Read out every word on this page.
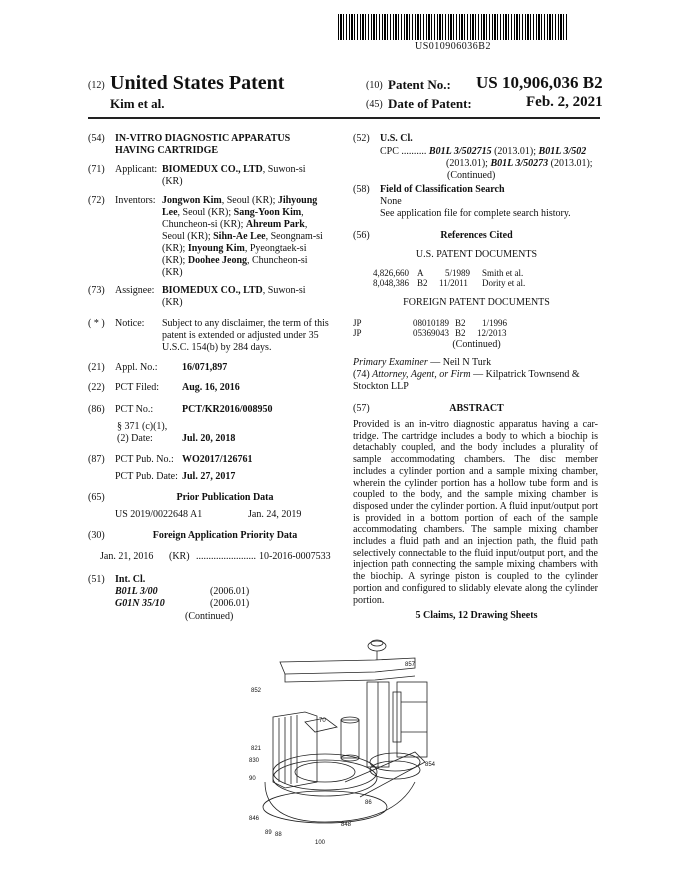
US010906036B2
(12) United States Patent
Kim et al.
(10) Patent No.: US 10,906,036 B2
(45) Date of Patent:	Feb. 2, 2021
(54) IN-VITRO DIAGNOSTIC APPARATUS
HAVING CARTRIDGE
(71) Applicant: BIOMEDUX CO., LTD, Suwon-si
(KR)
(72) Inventors: Jongwon Kim, Seoul (KR); Jihyoung
Lee, Seoul (KR); Sang-Yoon Kim,
Chuncheon-si (KR); Ahreum Park,
Seoul (KR); Sihn-Ae Lee, Seongnam-si
(KR); Inyoung Kim, Pyeongtaek-si
(KR); Doohee Jeong, Chuncheon-si
(KR)
(73) Assignee: BIOMEDUX CO., LTD, Suwon-si
(KR)
( * ) Notice: Subject to any disclaimer, the term of this
patent is extended or adjusted under 35
U.S.C. 154(b) by 284 days.
(21) Appl. No.: 16/071,897
(22) PCT Filed: Aug. 16, 2016
(86) PCT No.:	PCT/KR2016/008950
§ 371 (c)(1),
(2) Date:	Jul. 20, 2018
(87) PCT Pub. No.: WO2017/126761
PCT Pub. Date: Jul. 27, 2017
(65)	Prior Publication Data
US 2019/0022648 A1	Jan. 24, 2019
(30)	Foreign Application Priority Data
Jan. 21, 2016 (KR) ........................ 10-2016-0007533
(51) Int. Cl.
B01L 3/00	(2006.01)
G01N 35/10	(2006.01)
(Continued)
(52) U.S. Cl.
CPC .......... B01L 3/502715 (2013.01); B01L 3/502
(2013.01); B01L 3/50273 (2013.01);
(Continued)
(58) Field of Classification Search
None
See application file for complete search history.
(56)	References Cited
U.S. PATENT DOCUMENTS
4,826,660 A 5/1989 Smith et al.
8,048,386 B2 11/2011 Dority et al.
FOREIGN PATENT DOCUMENTS
JP	08010189 B2 1/1996
JP	05369043 B2 12/2013
(Continued)
Primary Examiner — Neil N Turk
(74) Attorney, Agent, or Firm — Kilpatrick Townsend &
Stockton LLP
(57)	ABSTRACT
Provided is an in-vitro diagnostic apparatus having a car-
tridge. The cartridge includes a body to which a biochip is
detachably coupled, and the body includes a plurality of
sample accommodating chambers. The disc member
includes a cylinder portion and a sample mixing chamber,
wherein the cylinder portion has a hollow tube form and is
coupled to the body, and the sample mixing chamber is
disposed under the cylinder portion. A fluid input/output port
is provided in a bottom portion of each of the sample
accommodating chambers. The sample mixing chamber
includes a fluid path and an injection path, the fluid path
selectively connectable to the fluid input/output port, and the
injection path connecting the sample mixing chambers with
the biochip. A syringe piston is coupled to the cylinder
portion and configured to slidably elevate along the cylinder
portion.
5 Claims, 12 Drawing Sheets
857
852
70
821
830
90
854
86
846
848
89 88
100
